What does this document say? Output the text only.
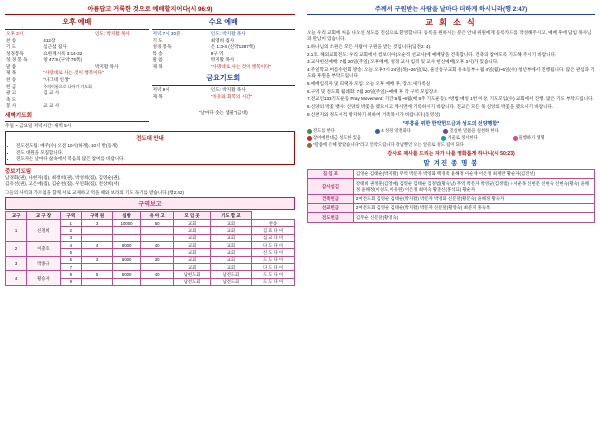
아름답고 거룩한 것으로 예배할지어다(시 96:9)
오후 예배
오후 3시		인도: 박지활 목사
찬 송	412장	
기 도	심근섭 집사	
성경봉독	요한계시록 3:14-22	
성 경 봉 독	창 47:9 (구약 75쪽)	
말 씀		박지활 목사
제 목	"사랑대로 사는 것이 행복이다"	
찬 송	"나그네 인생"	
헌 금	주의이름으로 나아가 기도회	
광 고	김 교 사	
축 도		
봉 사	교 교 사	
새벽기도회
주일 ~ 금요일 저녁시간: 새벽 5시
수요 예배
저녁 7시 30분	인도: 박지활 목사
기 도	최영희 집사
성경 봉독	은 1:3-4 (신약1287쪽)
특 송	9구 역
말 씀	박지활 목사
제 목	"사명대로 사는 것이 행복이다"
금요기도회
저녁 9시	인도: 박지활 목사
제 목	"치유와 회복의 시간"
"날마다 솟는 샘물"(금대)
전도대 안내
• 전도전도팀: 매주(수) 오전 10시(하계), 10시 반(동계)
• 전도 대원을 모집합니다.
• 전도자는 날마다 삶속에서 복음의 많은 참여를 바랍니다.
중보기도팀
남경화(권), 나현자(집), 최정희(권), 박성희(집), 김영순(권),
김유선(권), 고은애(집), 김순천(집), 우연화(집), 전상희(서)
그들의 사역과 가르침을 함께 서로 교제하고 먹을 때와 보라의 기도 독기를 받습니다.(행2:42)
구역보고
교구	교 구 장	구역	구역 원	심방	유 아 고	모 임 곳	기도 합 교	
1	신철희	1	3	10000	50	교회	교회	찬송
		2				교회	교회	김 효 다 미
		3				교회	교회	십 교 다 미
2	이충호	4	4	5000	40	교회	교회	다 도 다 이
		5				교회	교회	신 도 다 이
3	박종규	6	3	5000	30	교회	교회	도 도 다 이
		7				교회	교회	다 도 다 이
4	황승자	8	5	5000	40	남현도회	남전도회	도 도 다 이
		9				남전도회	남전도회	도 도 다 이
주께서 구원받는 사람을 날마다 더하게 하시니라(행 2:47)
교 회 소 식

오늘 우리 교회에 처음 나오신 성도를 진심으로 환영합니다. 등록을 원하시는 분은 안내 위원에게 등록카드를 작성해주시고, 예배 후에 담임 목사님과 만남이 있습니다.

1.하나님의 소원은 모든 사람이 구원을 받는 것입니다(딤전2: 4).

2.1호. 해외교회전도: 우리 교회에서 컴보디아(오순직 선교사)에 예배당을 건축합니다. 건축의 참여도록 기도해 주시기 바랍니다.

3.교사헌신예배: 7월 20일(주일) 오후예배, 성경 교사 임직 및 교사 헌신예배(오후 3시)가 있습니다.

4.주일학교 여름수련회 방송: 오늘 오후7시 24일(목)~26일(토), 울산동구교회 유초등부＋월 4일(월)~6일(수) 청년부에서 진행됩니다. 많은 관심과 기도와 후원을 부탁드립니다.

5.예배임직자 및 피택자 모임: 오늘 오후 예배 후, 장소:새가족실

6.구역 및 전도회 월례회: 7월 20일(주일)~예배 후 각 구역 모임장소

7.전교인133기도운동 Pray Movement: 기간:6월~8월(매 8주 기도운동). *방법:매일 1번 이상, 기도모임(수) 교회에서 진행. 많은 기도 부탁드립니다.

8.신양의 박꽃 뱃사: 신양의 박꽃을 맺으시고 계시면에 기록하시기 바랍니다. 진교은 모든 목 신앙의 박꽃을 맺으시기 바랍니다.

9.신천지와 정도시적 방지하기 위하여 거족목시가 바랍니다.(동영상)

*부흥을 위한 한약헌드금과 성도의 선양행함*
전도를 한다	4 성경 앙전화다	진실한 말씀을 실천하 한다
장어애완대금 성도한 있음	겨울로 정서한다	물행하기 생명
*말씀에 은혜 받았습니다"라고 언약드립니다 강남뿐인 오는 알콜로 성도 됨이 되다
감사로 제사를 드리는 자가 나를 영화롭게 하나니(시 50:23)
맡 겨진 종 명 봉
집 임 포	김영순 김태순(박지활) 무역 박문자 박영화 백경옥 윤해정 이순재 이은정 최재란 황순자(김진선)
감사섬김	강태희 권정훈(김영예) 김영순 김태순 김정범(황숙남) 무역 박문자 박영균(김정범)＋서운목 신현문 신현숙 신현숙(황숙) 윤해정 윤해정(이성도,이유원) 이은정 최미숙 황준신(홍석묘) 황순자
건축헌금	2여전도회 김영순 김태순(박지활) 박문자 박영화 신문달(황문숙) 윤해정 황숙자
선교헌금	2여전도회 김영순 김태순(박지활) 박문자 신문달(황영숙) 최분지 홍숙옥
전도헌금	김무순 신문달(황영숙)
